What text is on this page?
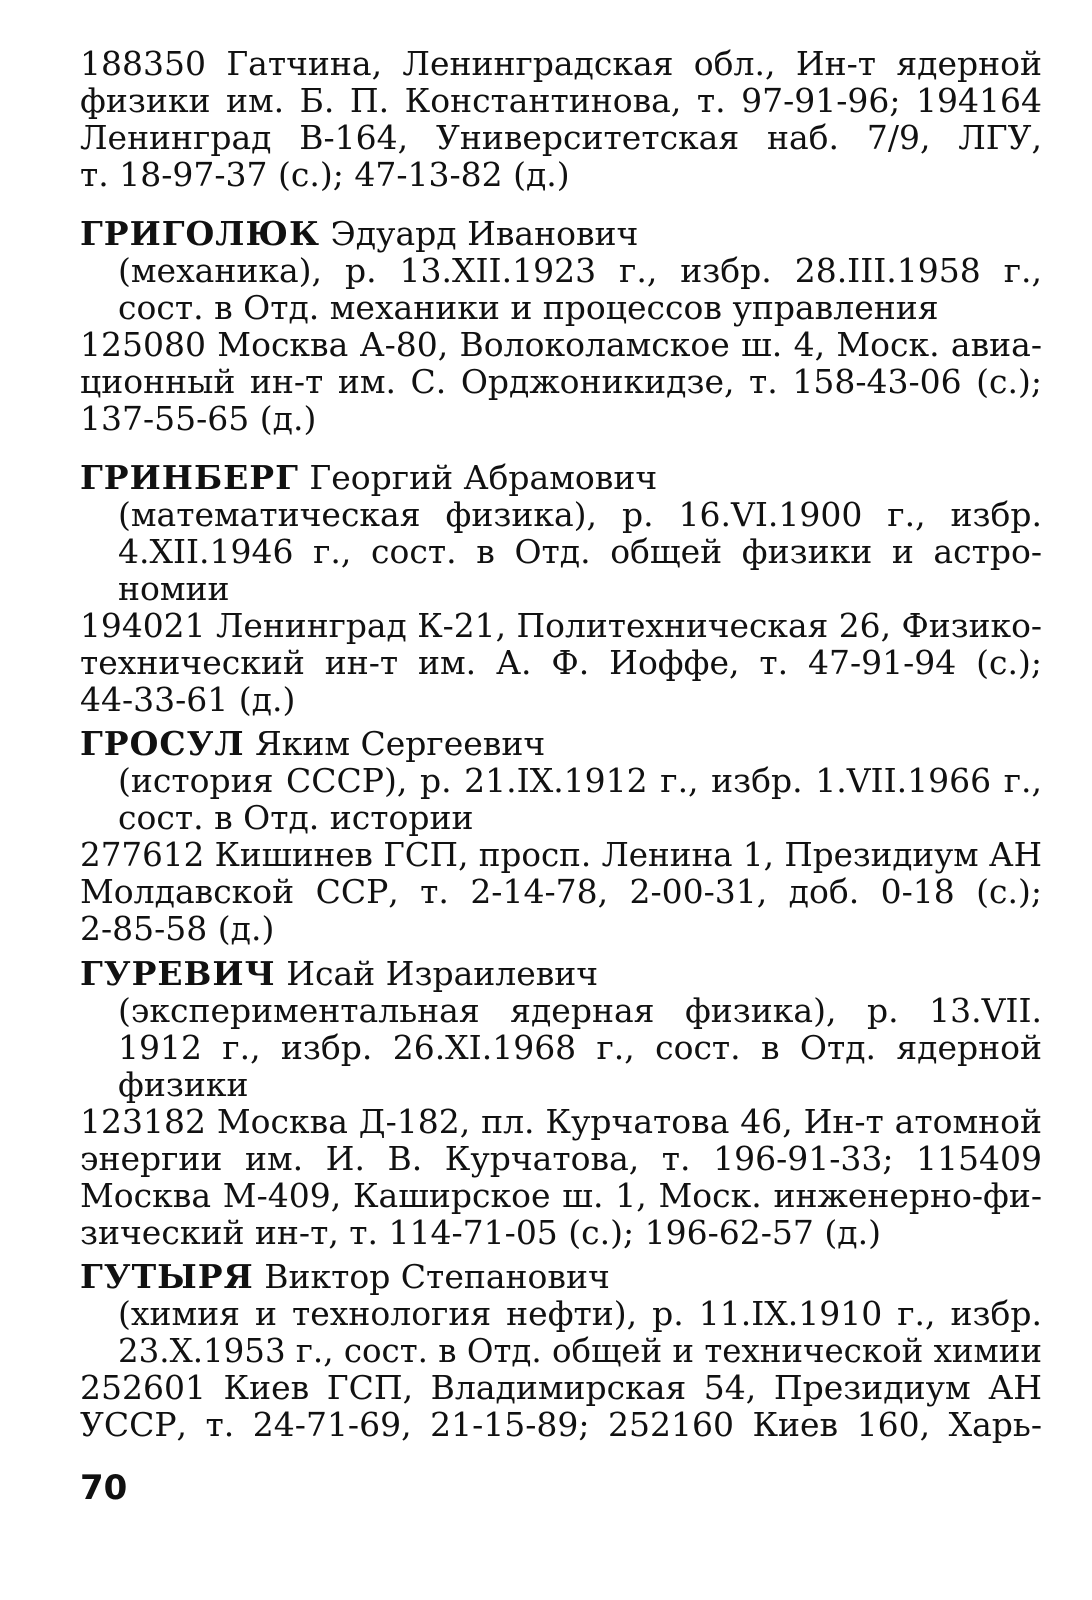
188350 Гатчина, Ленинградская обл., Ин-т ядерной
физики им. Б. П. Константинова, т. 97-91-96; 194164
Ленинград В-164, Университетская наб. 7/9, ЛГУ,
т. 18-97-37 (с.); 47-13-82 (д.)
ГРИГОЛЮК Эдуард Иванович
(механика), р. 13.XII.1923 г., избр. 28.III.1958 г.,
сост. в Отд. механики и процессов управления
125080 Москва А-80, Волоколамское ш. 4, Моск. авиа-
ционный ин-т им. С. Орджоникидзе, т. 158-43-06 (с.);
137-55-65 (д.)
ГРИНБЕРГ Георгий Абрамович
(математическая физика), р. 16.VI.1900 г., избр.
4.XII.1946 г., сост. в Отд. общей физики и астро-
номии
194021 Ленинград К-21, Политехническая 26, Физико-
технический ин-т им. А. Ф. Иоффе, т. 47-91-94 (с.);
44-33-61 (д.)
ГРОСУЛ Яким Сергеевич
(история СССР), р. 21.IX.1912 г., избр. 1.VII.1966 г.,
сост. в Отд. истории
277612 Кишинев ГСП, просп. Ленина 1, Президиум АН
Молдавской ССР, т. 2-14-78, 2-00-31, доб. 0-18 (с.);
2-85-58 (д.)
ГУРЕВИЧ Исай Израилевич
(экспериментальная ядерная физика), р. 13.VII.
1912 г., избр. 26.XI.1968 г., сост. в Отд. ядерной
физики
123182 Москва Д-182, пл. Курчатова 46, Ин-т атомной
энергии им. И. В. Курчатова, т. 196-91-33; 115409
Москва М-409, Каширское ш. 1, Моск. инженерно-фи-
зический ин-т, т. 114-71-05 (с.); 196-62-57 (д.)
ГУТЫРЯ Виктор Степанович
(химия и технология нефти), р. 11.IX.1910 г., избр.
23.X.1953 г., сост. в Отд. общей и технической химии
252601 Киев ГСП, Владимирская 54, Президиум АН
УССР, т. 24-71-69, 21-15-89; 252160 Киев 160, Харь-
70
